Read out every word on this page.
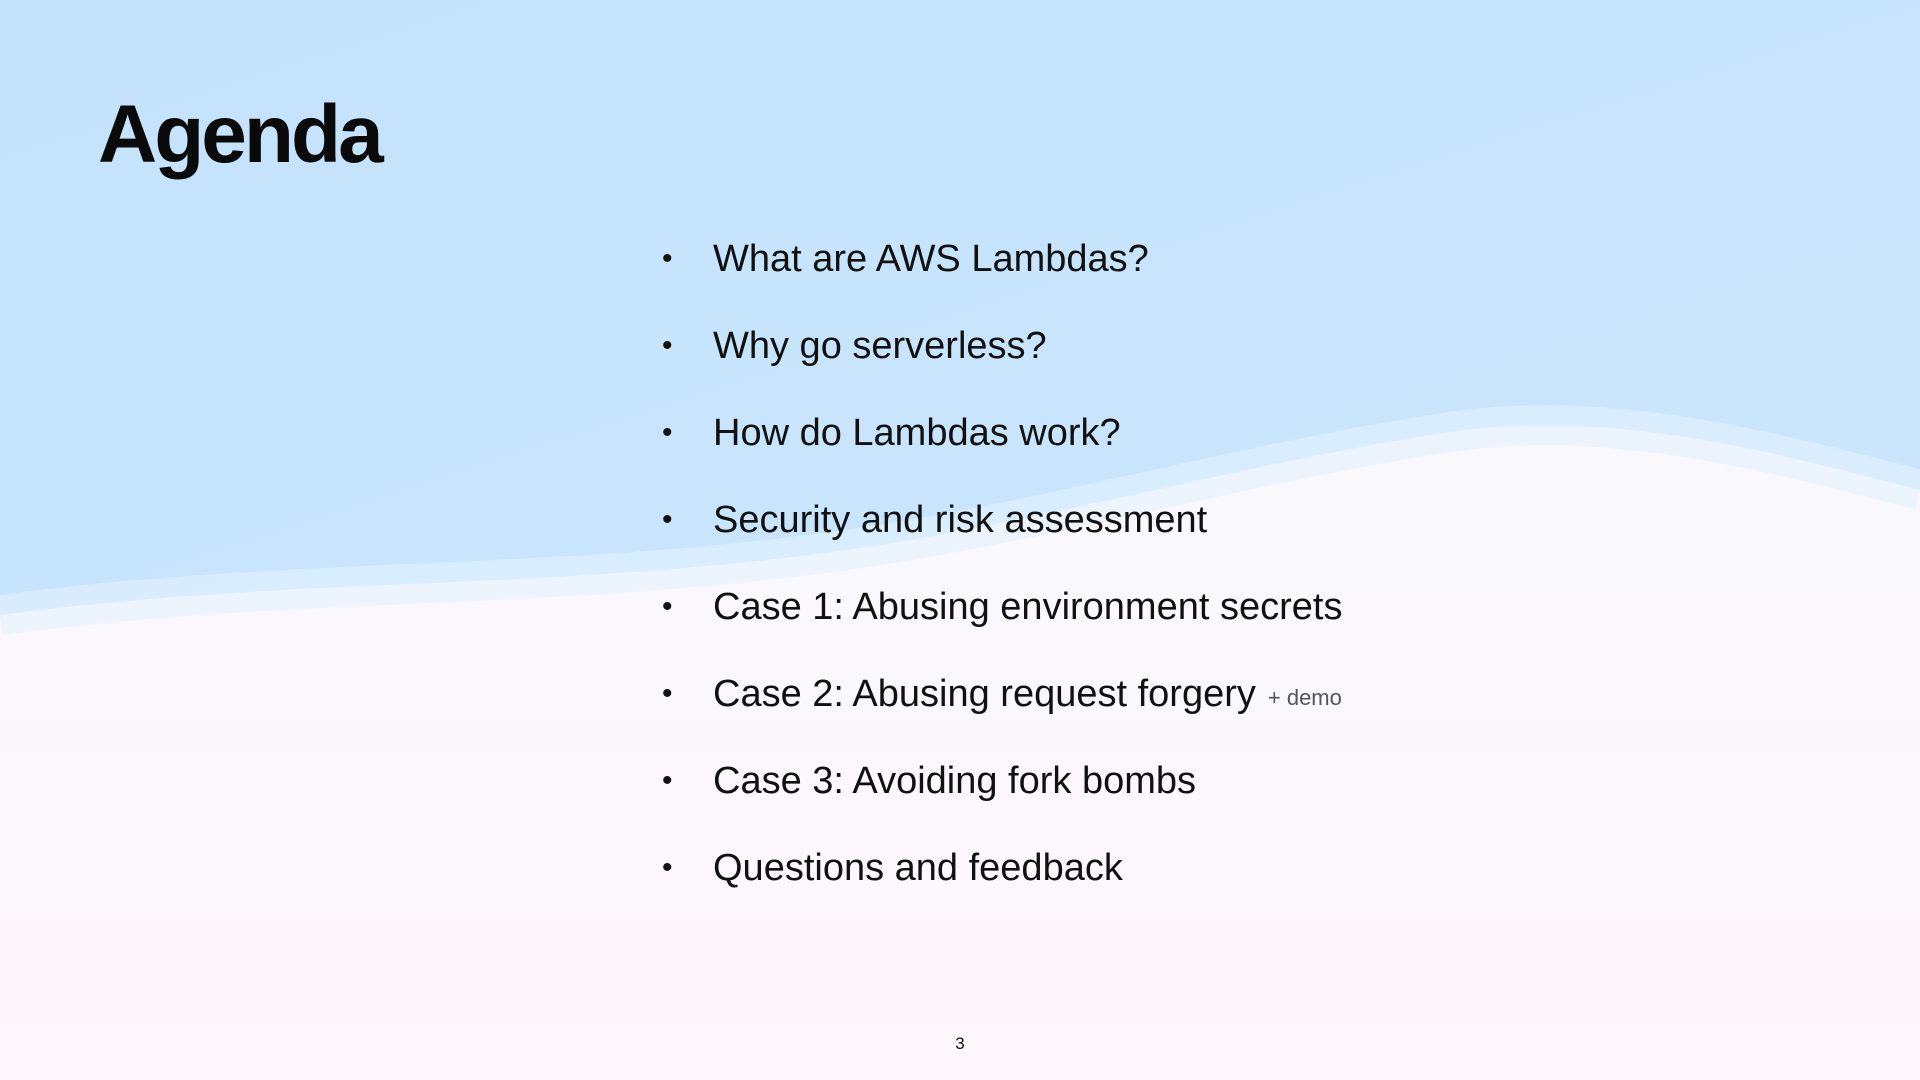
Agenda
•	What are AWS Lambdas?
•	Why go serverless?
•	How do Lambdas work?
•	Security and risk assessment
•	Case 1: Abusing environment secrets
•	Case 2: Abusing request forgery + demo
•	Case 3: Avoiding fork bombs
•	Questions and feedback
3
